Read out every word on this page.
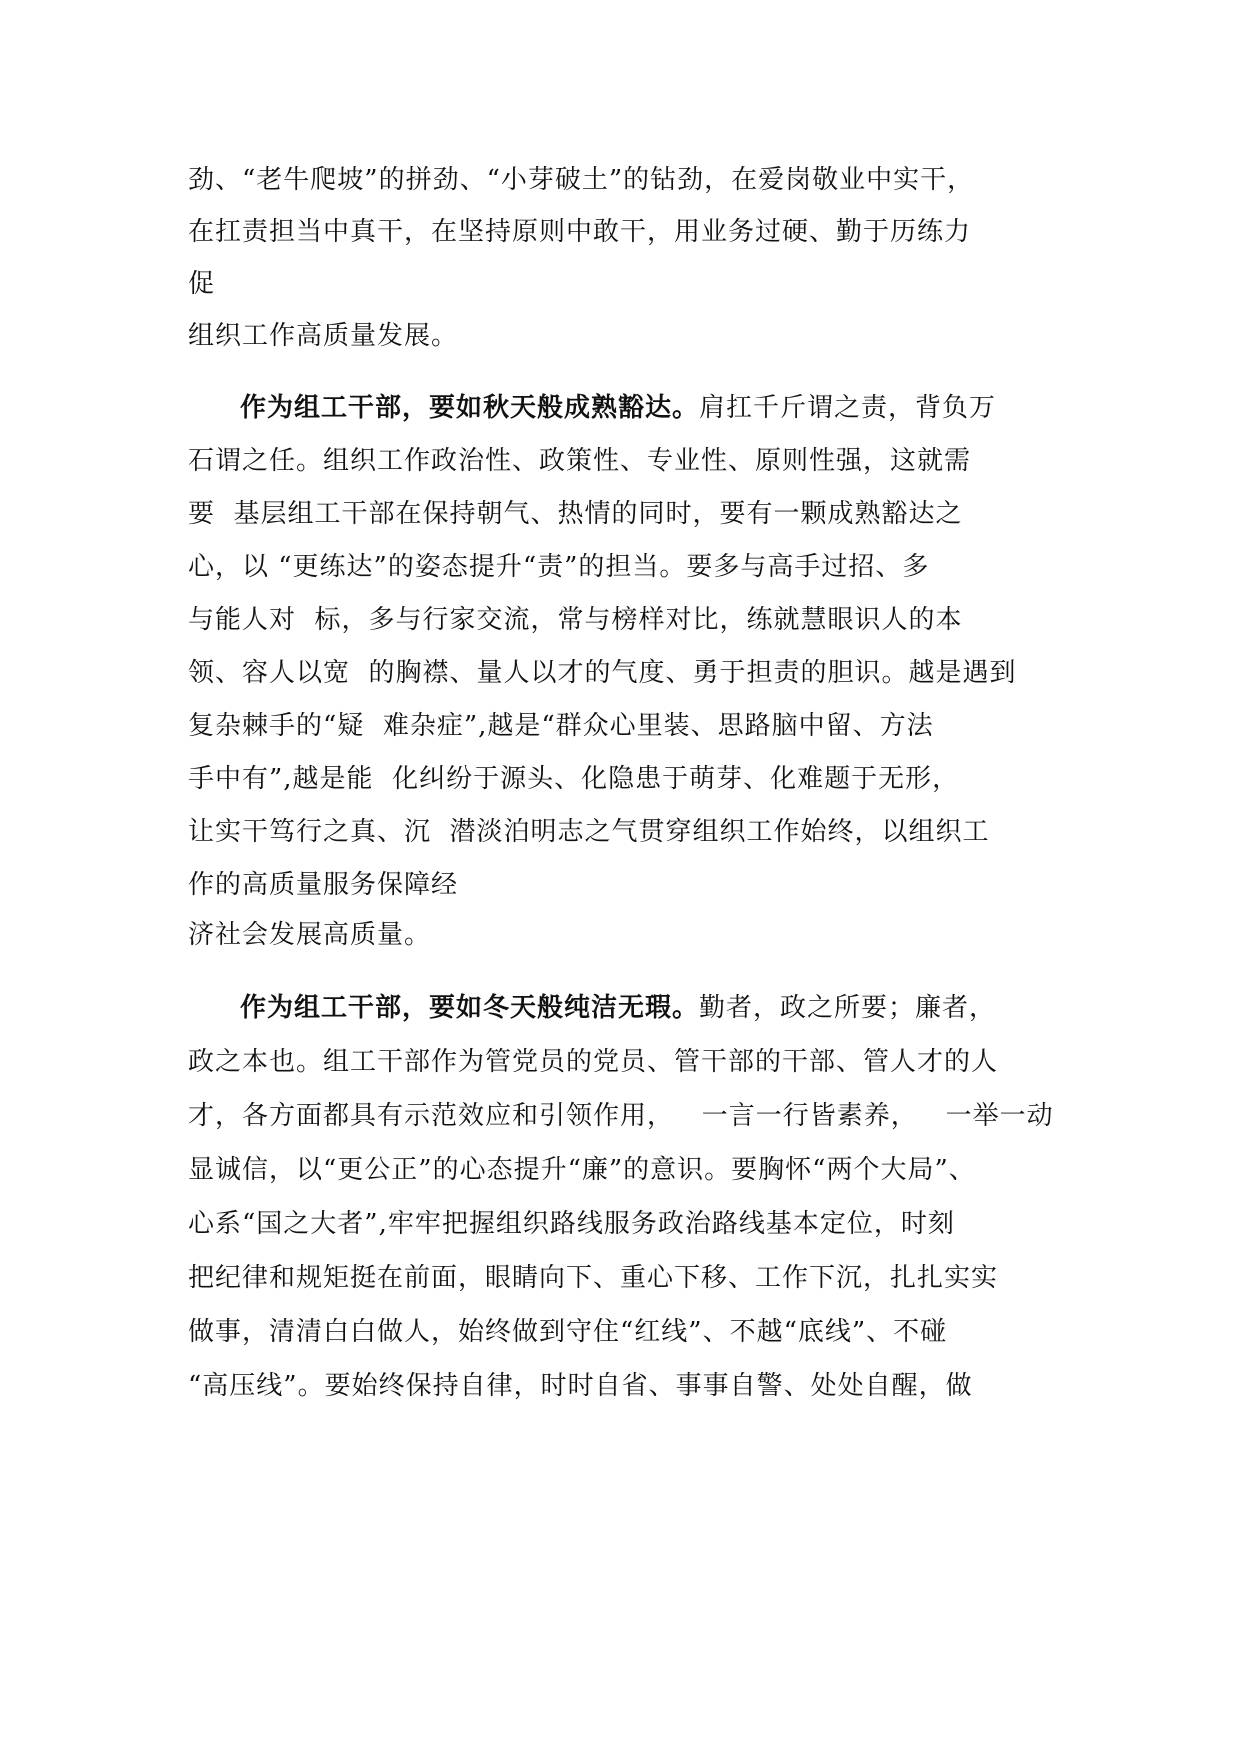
劲、“老牛爬坡”的拼劲、“小芽破土”的钻劲，在爱岗敬业中实干，
在扛责担当中真干，在坚持原则中敢干，用业务过硬、勤于历练力
促
组织工作高质量发展。
作为组工干部，要如秋天般成熟豁达。肩扛千斤谓之责，背负万
石谓之任。组织工作政治性、政策性、专业性、原则性强，这就需
要  基层组工干部在保持朝气、热情的同时，要有一颗成熟豁达之
心，以 “更练达”的姿态提升“责”的担当。要多与高手过招、多
与能人对  标，多与行家交流，常与榜样对比，练就慧眼识人的本
领、容人以宽  的胸襟、量人以才的气度、勇于担责的胆识。越是遇到
复杂棘手的“疑  难杂症”,越是“群众心里装、思路脑中留、方法
手中有”,越是能  化纠纷于源头、化隐患于萌芽、化难题于无形，
让实干笃行之真、沉  潜淡泊明志之气贯穿组织工作始终，以组织工
作的高质量服务保障经
济社会发展高质量。
作为组工干部，要如冬天般纯洁无瑕。勤者，政之所要；廉者，
政之本也。组工干部作为管党员的党员、管干部的干部、管人才的人
才，各方面都具有示范效应和引领作用，   一言一行皆素养，   一举一动
显诚信，以“更公正”的心态提升“廉”的意识。要胸怀“两个大局”、
心系“国之大者”,牢牢把握组织路线服务政治路线基本定位，时刻
把纪律和规矩挺在前面，眼睛向下、重心下移、工作下沉，扎扎实实
做事，清清白白做人，始终做到守住“红线”、不越“底线”、不碰
“高压线”。要始终保持自律，时时自省、事事自警、处处自醒，做
